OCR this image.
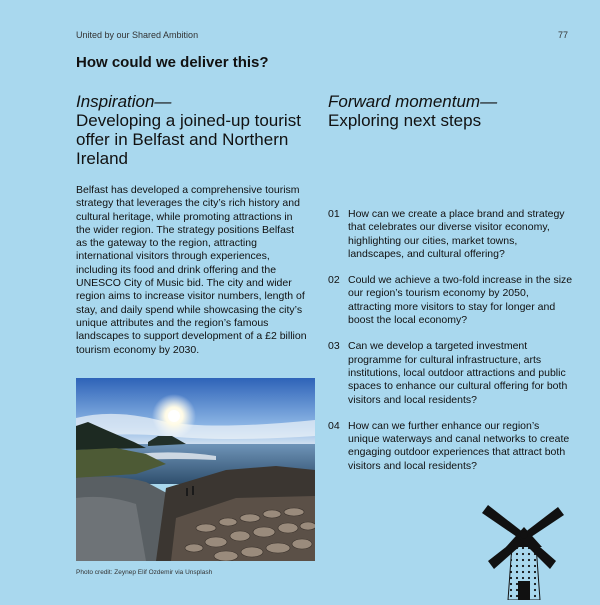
United by our Shared Ambition	77
How could we deliver this?
Inspiration—
Developing a joined-up tourist offer in Belfast and Northern Ireland

Belfast has developed a comprehensive tourism strategy that leverages the city’s rich history and cultural heritage, while promoting attractions in the wider region. The strategy positions Belfast as the gateway to the region, attracting international visitors through experiences, including its food and drink offering and the UNESCO City of Music bid. The city and wider region aims to increase visitor numbers, length of stay, and daily spend while showcasing the city’s unique attributes and the region’s famous landscapes to support development of a £2 billion tourism economy by 2030.

Forward momentum—
Exploring next steps
01 How can we create a place brand and strategy that celebrates our diverse visitor economy, highlighting our cities, market towns, landscapes, and cultural offering?
02 Could we achieve a two-fold increase in the size our region’s tourism economy by 2050, attracting more visitors to stay for longer and boost the local economy?
03 Can we develop a targeted investment programme for cultural infrastructure, arts institutions, local outdoor attractions and public spaces to enhance our cultural offering for both visitors and local residents?
04 How can we further enhance our region’s unique waterways and canal networks to create engaging outdoor experiences that attract both visitors and local residents?
Photo credit: Zeynep Elif Ozdemir via Unsplash
